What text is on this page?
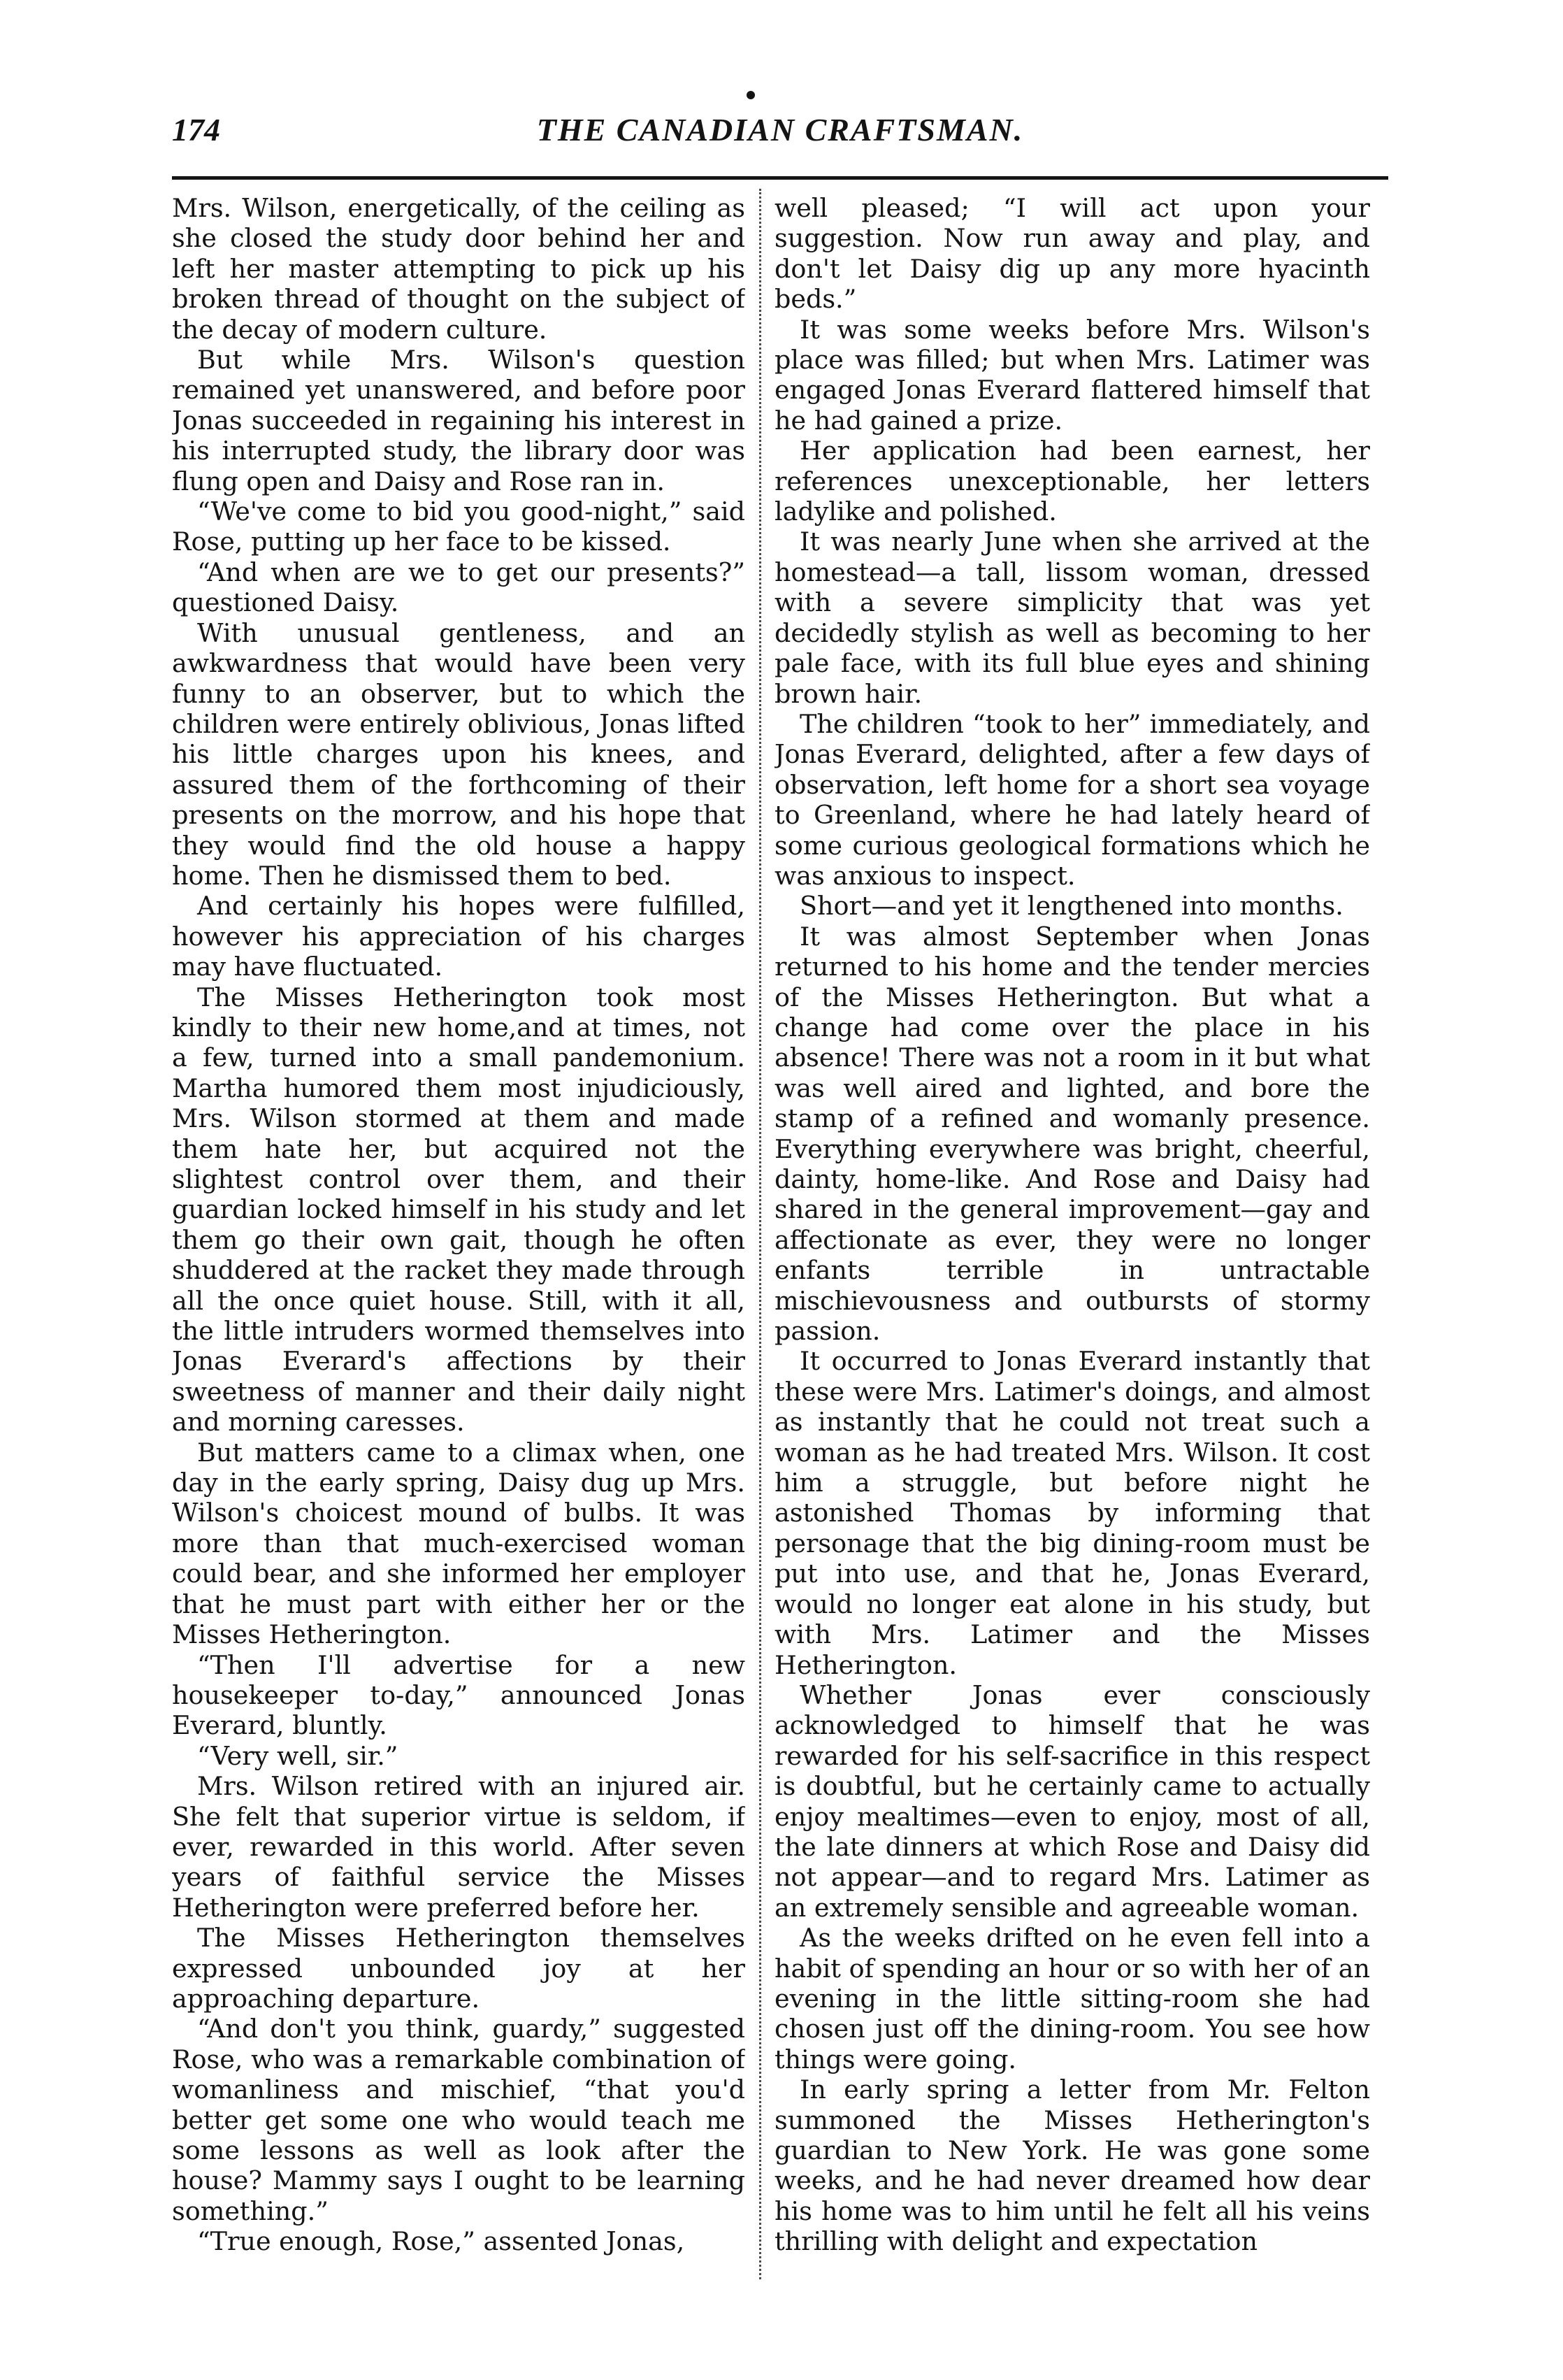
174	THE CANADIAN CRAFTSMAN.

Mrs. Wilson, energetically, of the ceiling as she closed the study door behind her and left her master attempting to pick up his broken thread of thought on the subject of the decay of modern culture.

But while Mrs. Wilson's question remained yet unanswered, and before poor Jonas succeeded in regaining his interest in his interrupted study, the library door was flung open and Daisy and Rose ran in.

“We've come to bid you good-night,” said Rose, putting up her face to be kissed.

“And when are we to get our presents?” questioned Daisy.

With unusual gentleness, and an awkwardness that would have been very funny to an observer, but to which the children were entirely oblivious, Jonas lifted his little charges upon his knees, and assured them of the forthcoming of their presents on the morrow, and his hope that they would find the old house a happy home. Then he dismissed them to bed.

And certainly his hopes were fulfilled, however his appreciation of his charges may have fluctuated.

The Misses Hetherington took most kindly to their new home,and at times, not a few, turned into a small pandemonium. Martha humored them most injudiciously, Mrs. Wilson stormed at them and made them hate her, but acquired not the slightest control over them, and their guardian locked himself in his study and let them go their own gait, though he often shuddered at the racket they made through all the once quiet house. Still, with it all, the little intruders wormed themselves into Jonas Everard's affections by their sweetness of manner and their daily night and morning caresses.

But matters came to a climax when, one day in the early spring, Daisy dug up Mrs. Wilson's choicest mound of bulbs. It was more than that much-exercised woman could bear, and she informed her employer that he must part with either her or the Misses Hetherington.

“Then I'll advertise for a new housekeeper to-day,” announced Jonas Everard, bluntly.

“Very well, sir.”

Mrs. Wilson retired with an injured air. She felt that superior virtue is seldom, if ever, rewarded in this world. After seven years of faithful service the Misses Hetherington were preferred before her.

The Misses Hetherington themselves expressed unbounded joy at her approaching departure.

“And don't you think, guardy,” suggested Rose, who was a remarkable combination of womanliness and mischief, “that you'd better get some one who would teach me some lessons as well as look after the house? Mammy says I ought to be learning something.”

“True enough, Rose,” assented Jonas,

well pleased; “I will act upon your suggestion. Now run away and play, and don't let Daisy dig up any more hyacinth beds.”

It was some weeks before Mrs. Wilson's place was filled; but when Mrs. Latimer was engaged Jonas Everard flattered himself that he had gained a prize.

Her application had been earnest, her references unexceptionable, her letters ladylike and polished.

It was nearly June when she arrived at the homestead—a tall, lissom woman, dressed with a severe simplicity that was yet decidedly stylish as well as becoming to her pale face, with its full blue eyes and shining brown hair.

The children “took to her” immediately, and Jonas Everard, delighted, after a few days of observation, left home for a short sea voyage to Greenland, where he had lately heard of some curious geological formations which he was anxious to inspect.

Short—and yet it lengthened into months.

It was almost September when Jonas returned to his home and the tender mercies of the Misses Hetherington. But what a change had come over the place in his absence! There was not a room in it but what was well aired and lighted, and bore the stamp of a refined and womanly presence. Everything everywhere was bright, cheerful, dainty, home-like. And Rose and Daisy had shared in the general improvement—gay and affectionate as ever, they were no longer enfants terrible in untractable mischievousness and outbursts of stormy passion.

It occurred to Jonas Everard instantly that these were Mrs. Latimer's doings, and almost as instantly that he could not treat such a woman as he had treated Mrs. Wilson. It cost him a struggle, but before night he astonished Thomas by informing that personage that the big dining-room must be put into use, and that he, Jonas Everard, would no longer eat alone in his study, but with Mrs. Latimer and the Misses Hetherington.

Whether Jonas ever consciously acknowledged to himself that he was rewarded for his self-sacrifice in this respect is doubtful, but he certainly came to actually enjoy mealtimes—even to enjoy, most of all, the late dinners at which Rose and Daisy did not appear—and to regard Mrs. Latimer as an extremely sensible and agreeable woman.

As the weeks drifted on he even fell into a habit of spending an hour or so with her of an evening in the little sitting-room she had chosen just off the dining-room. You see how things were going.

In early spring a letter from Mr. Felton summoned the Misses Hetherington's guardian to New York. He was gone some weeks, and he had never dreamed how dear his home was to him until he felt all his veins thrilling with delight and expectation
